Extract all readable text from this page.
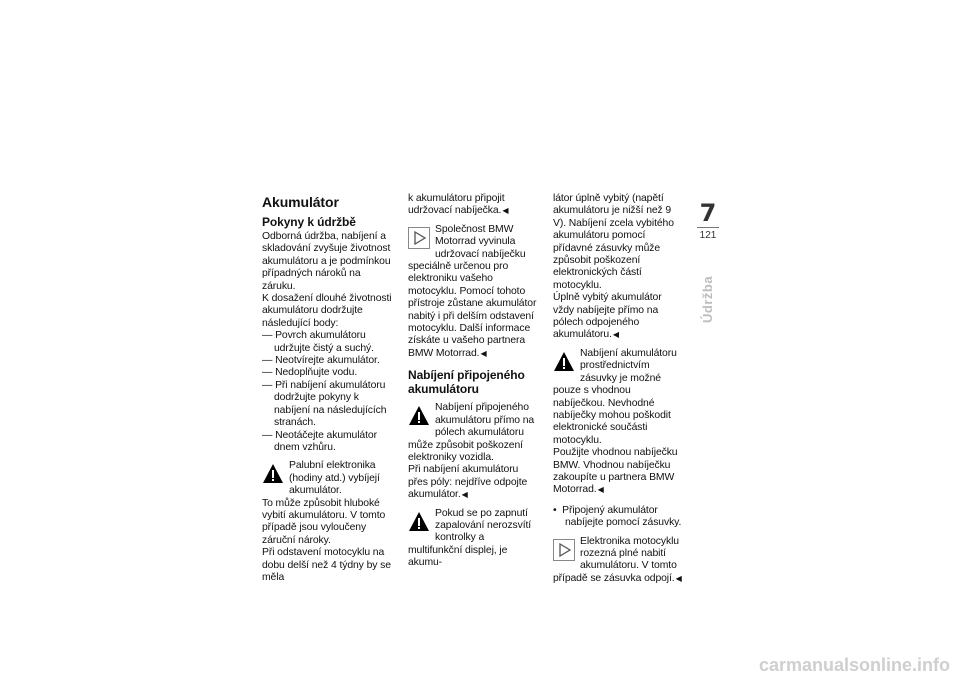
Akumulátor
Pokyny k údržbě

Odborná údržba, nabíjení a skladování zvyšuje životnost akumulátoru a je podmínkou případných nároků na záruku.

K dosažení dlouhé životnosti akumulátoru dodržujte následující body:

— Povrch akumulátoru udržujte čistý a suchý.

— Neotvírejte akumulátor.

— Nedoplňujte vodu.

— Při nabíjení akumulátoru dodržujte pokyny k nabíjení na následujících stranách.

— Neotáčejte akumulátor dnem vzhůru.

Palubní elektronika (hodiny atd.) vybíjejí akumulátor.

To může způsobit hluboké vybití akumulátoru. V tomto případě jsou vyloučeny záruční nároky.

Při odstavení motocyklu na dobu delší než 4 týdny by se měla

k akumulátoru připojit udržovací nabíječka. ◀

Společnost BMW Motorrad vyvinula udržovací nabíječku speciálně určenou pro elektroniku vašeho motocyklu. Pomocí tohoto přístroje zůstane akumulátor nabitý i při delším odstavení motocyklu. Další informace získáte u vašeho partnera BMW Motorrad. ◀

Nabíjení připojeného akumulátoru

Nabíjení připojeného akumulátoru přímo na pólech akumulátoru může způsobit poškození elektroniky vozidla.

Při nabíjení akumulátoru přes póly: nejdříve odpojte akumulátor. ◀

Pokud se po zapnutí zapalování nerozsvítí kontrolky a multifunkční displej, je akumu-

látor úplně vybitý (napětí akumulátoru je nižší než 9 V). Nabíjení zcela vybitého akumulátoru pomocí přídavné zásuvky může způsobit poškození elektronických částí motocyklu.

Úplně vybitý akumulátor vždy nabíjejte přímo na pólech odpojeného akumulátoru. ◀

Nabíjení akumulátoru prostřednictvím zásuvky je možné pouze s vhodnou nabíječkou. Nevhodné nabíječky mohou poškodit elektronické součásti motocyklu.

Použijte vhodnou nabíječku BMW. Vhodnou nabíječku zakoupíte u partnera BMW Motorrad. ◀

•  Připojený akumulátor nabíjejte pomocí zásuvky.

Elektronika motocyklu rozezná plné nabití akumulátoru. V tomto případě se zásuvka odpojí. ◀

7
121
Údržba
carmanualsonline.info
